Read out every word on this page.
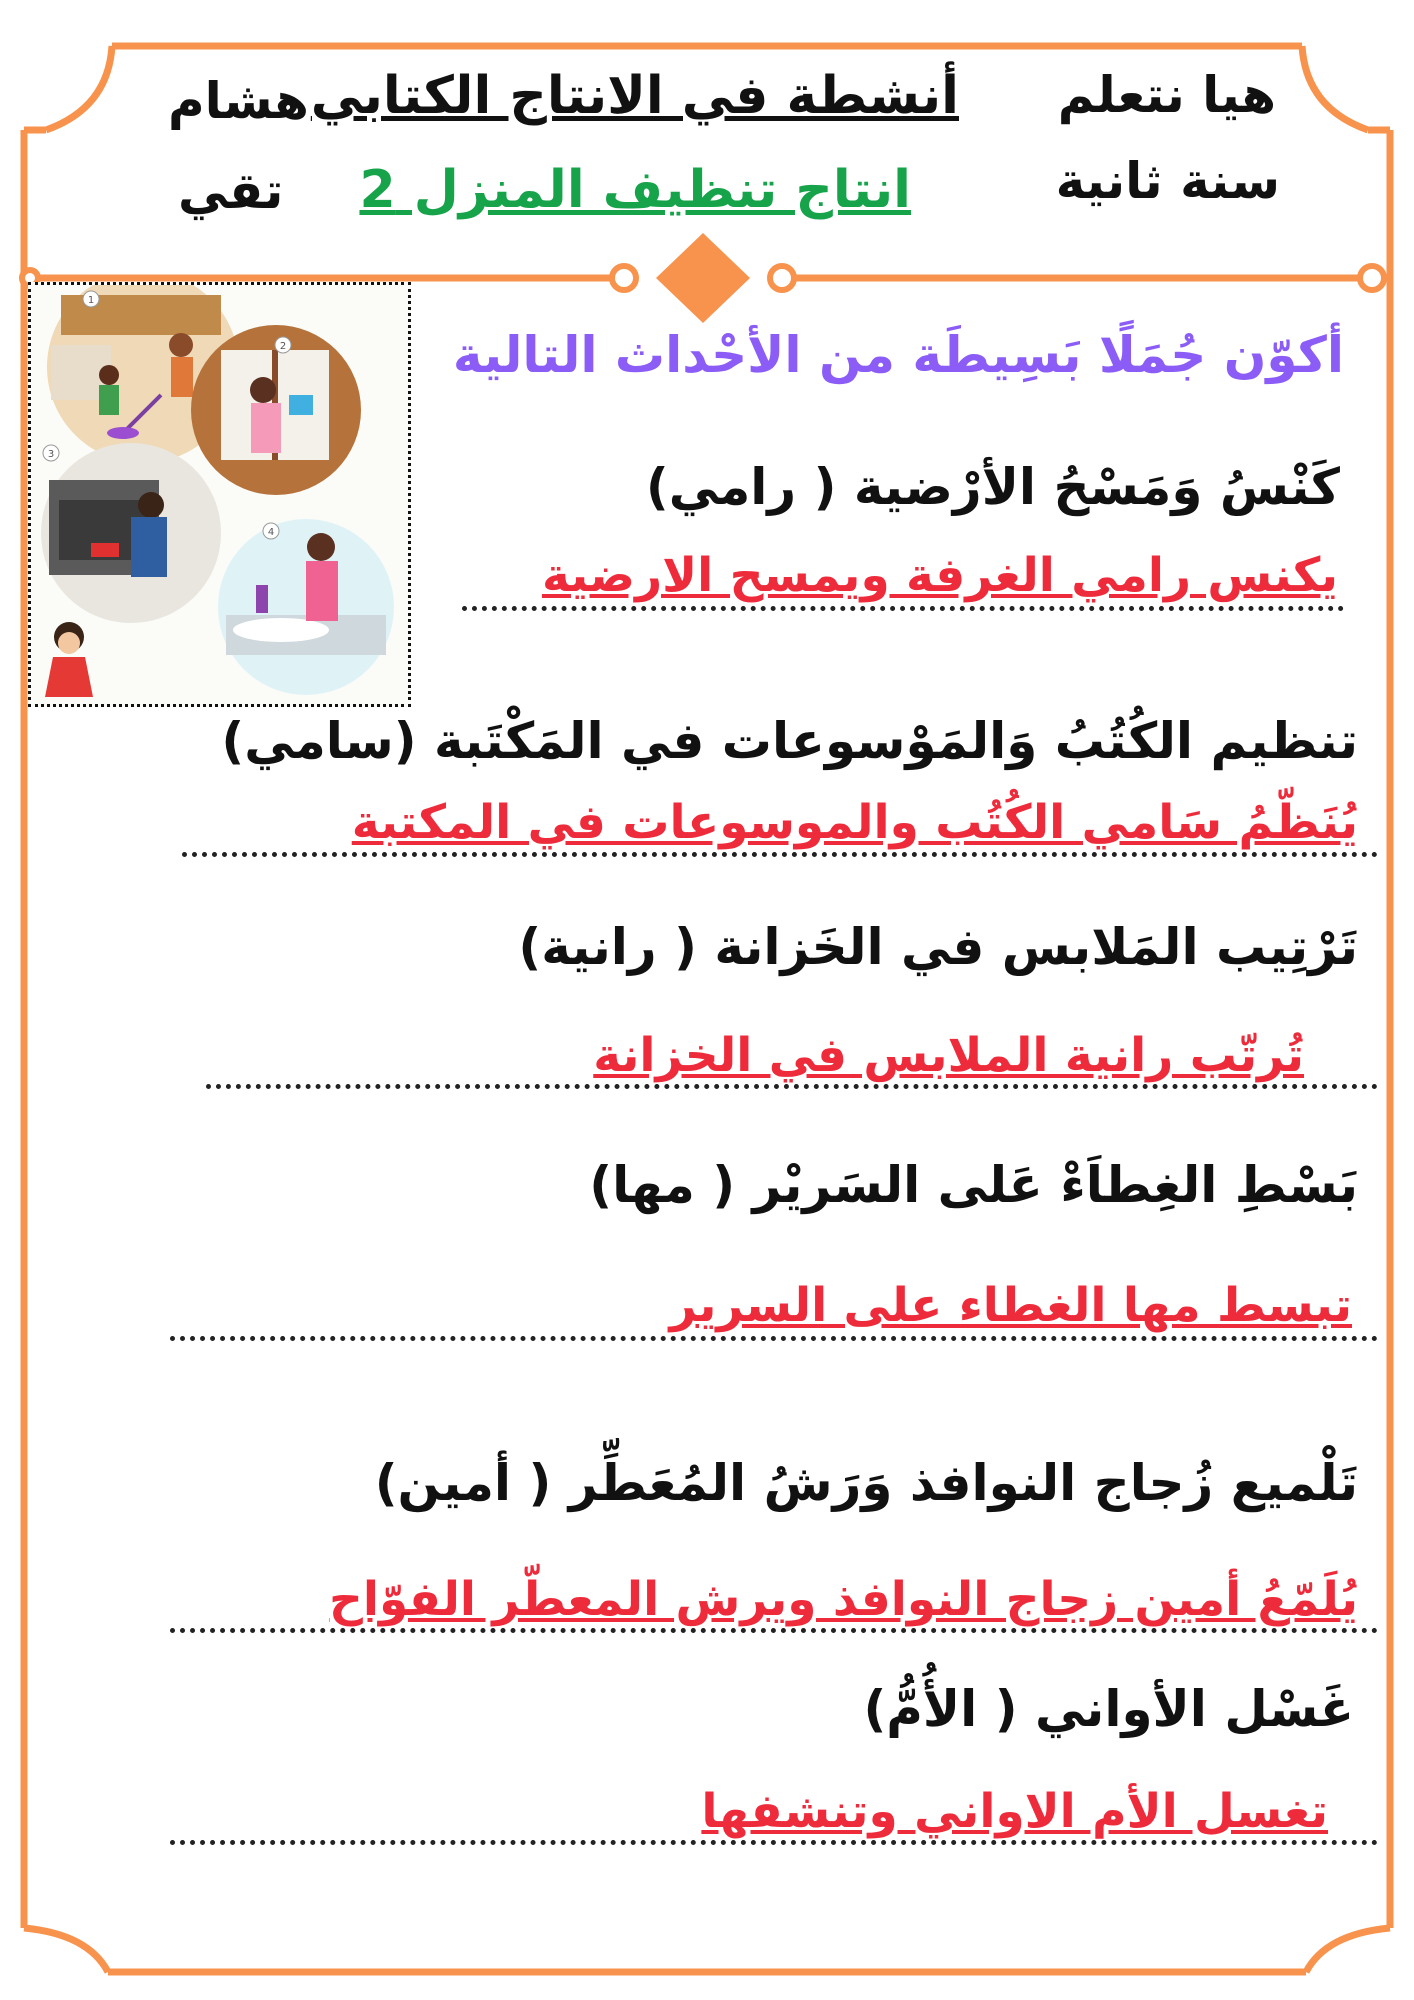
أنشطة في الانتاج الكتابي
انتاج تنظيف المنزل 2
هيا نتعلم
سنة ثانية
هشام
تقي
1
2
3
4
أكوّن جُمَلًا بَسِيطَة من الأحْداث التالية
كَنْسُ وَمَسْحُ الأرْضية ( رامي)
يكنس رامي الغرفة ويمسح الارضية
تنظيم الكُتُبُ وَالمَوْسوعات في المَكْتَبة (سامي)
يُنَظّمُ سَامي الكُتُب والموسوعات في المكتبة
تَرْتِيب المَلابس في الخَزانة ( رانية)
تُرتّب رانية الملابس في الخزانة
بَسْطِ الغِطاَءْ عَلى السَريْر ( مها)
تبسط مها الغطاء على السرير
تَلْميع زُجاج النوافذ وَرَشُ المُعَطِّر ( أمين)
يُلَمّعُ أمين زجاج النوافذ ويرش المعطّر الفوّاح
غَسْل الأواني ( الأُمُّ)
تغسل الأم الاواني وتنشفها
